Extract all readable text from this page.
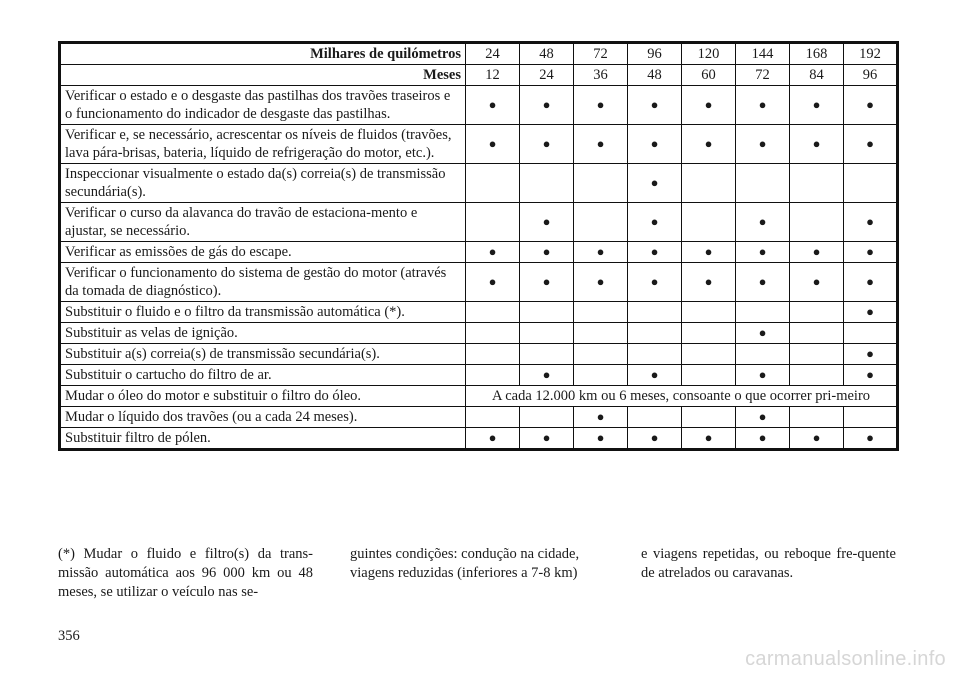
Milhares de quilómetros	24	48	72	96	120	144	168	192
Meses	12	24	36	48	60	72	84	96
Verificar o estado e o desgaste das pastilhas dos travões traseiros e o funcionamento do indicador de desgaste das pastilhas.	●	●	●	●	●	●	●	●
Verificar e, se necessário, acrescentar os níveis de fluidos (travões, lava pára-brisas, bateria, líquido de refrigeração do motor, etc.).	●	●	●	●	●	●	●	●
Inspeccionar visualmente o estado da(s) correia(s) de transmissão secundária(s).				●				
Verificar o curso da alavanca do travão de estaciona-mento e ajustar, se necessário.		●		●		●		●
Verificar as emissões de gás do escape.	●	●	●	●	●	●	●	●
Verificar o funcionamento do sistema de gestão do motor (através da tomada de diagnóstico).	●	●	●	●	●	●	●	●
Substituir o fluido e o filtro da transmissão automática (*).								●
Substituir as velas de ignição.						●		
Substituir a(s) correia(s) de transmissão secundária(s).								●
Substituir o cartucho do filtro de ar.		●		●		●		●
Mudar o óleo do motor e substituir o filtro do óleo.	A cada 12.000 km ou 6 meses, consoante o que ocorrer pri-meiro							
Mudar o líquido dos travões (ou a cada 24 meses).			●			●		
Substituir filtro de pólen.	●	●	●	●	●	●	●	●
(*) Mudar o fluido e filtro(s) da trans-missão automática aos 96 000 km ou 48 meses, se utilizar o veículo nas se-
guintes condições: condução na cidade, viagens reduzidas (inferiores a 7-8 km)
e viagens repetidas, ou reboque fre-quente de atrelados ou caravanas.
356
carmanualsonline.info
